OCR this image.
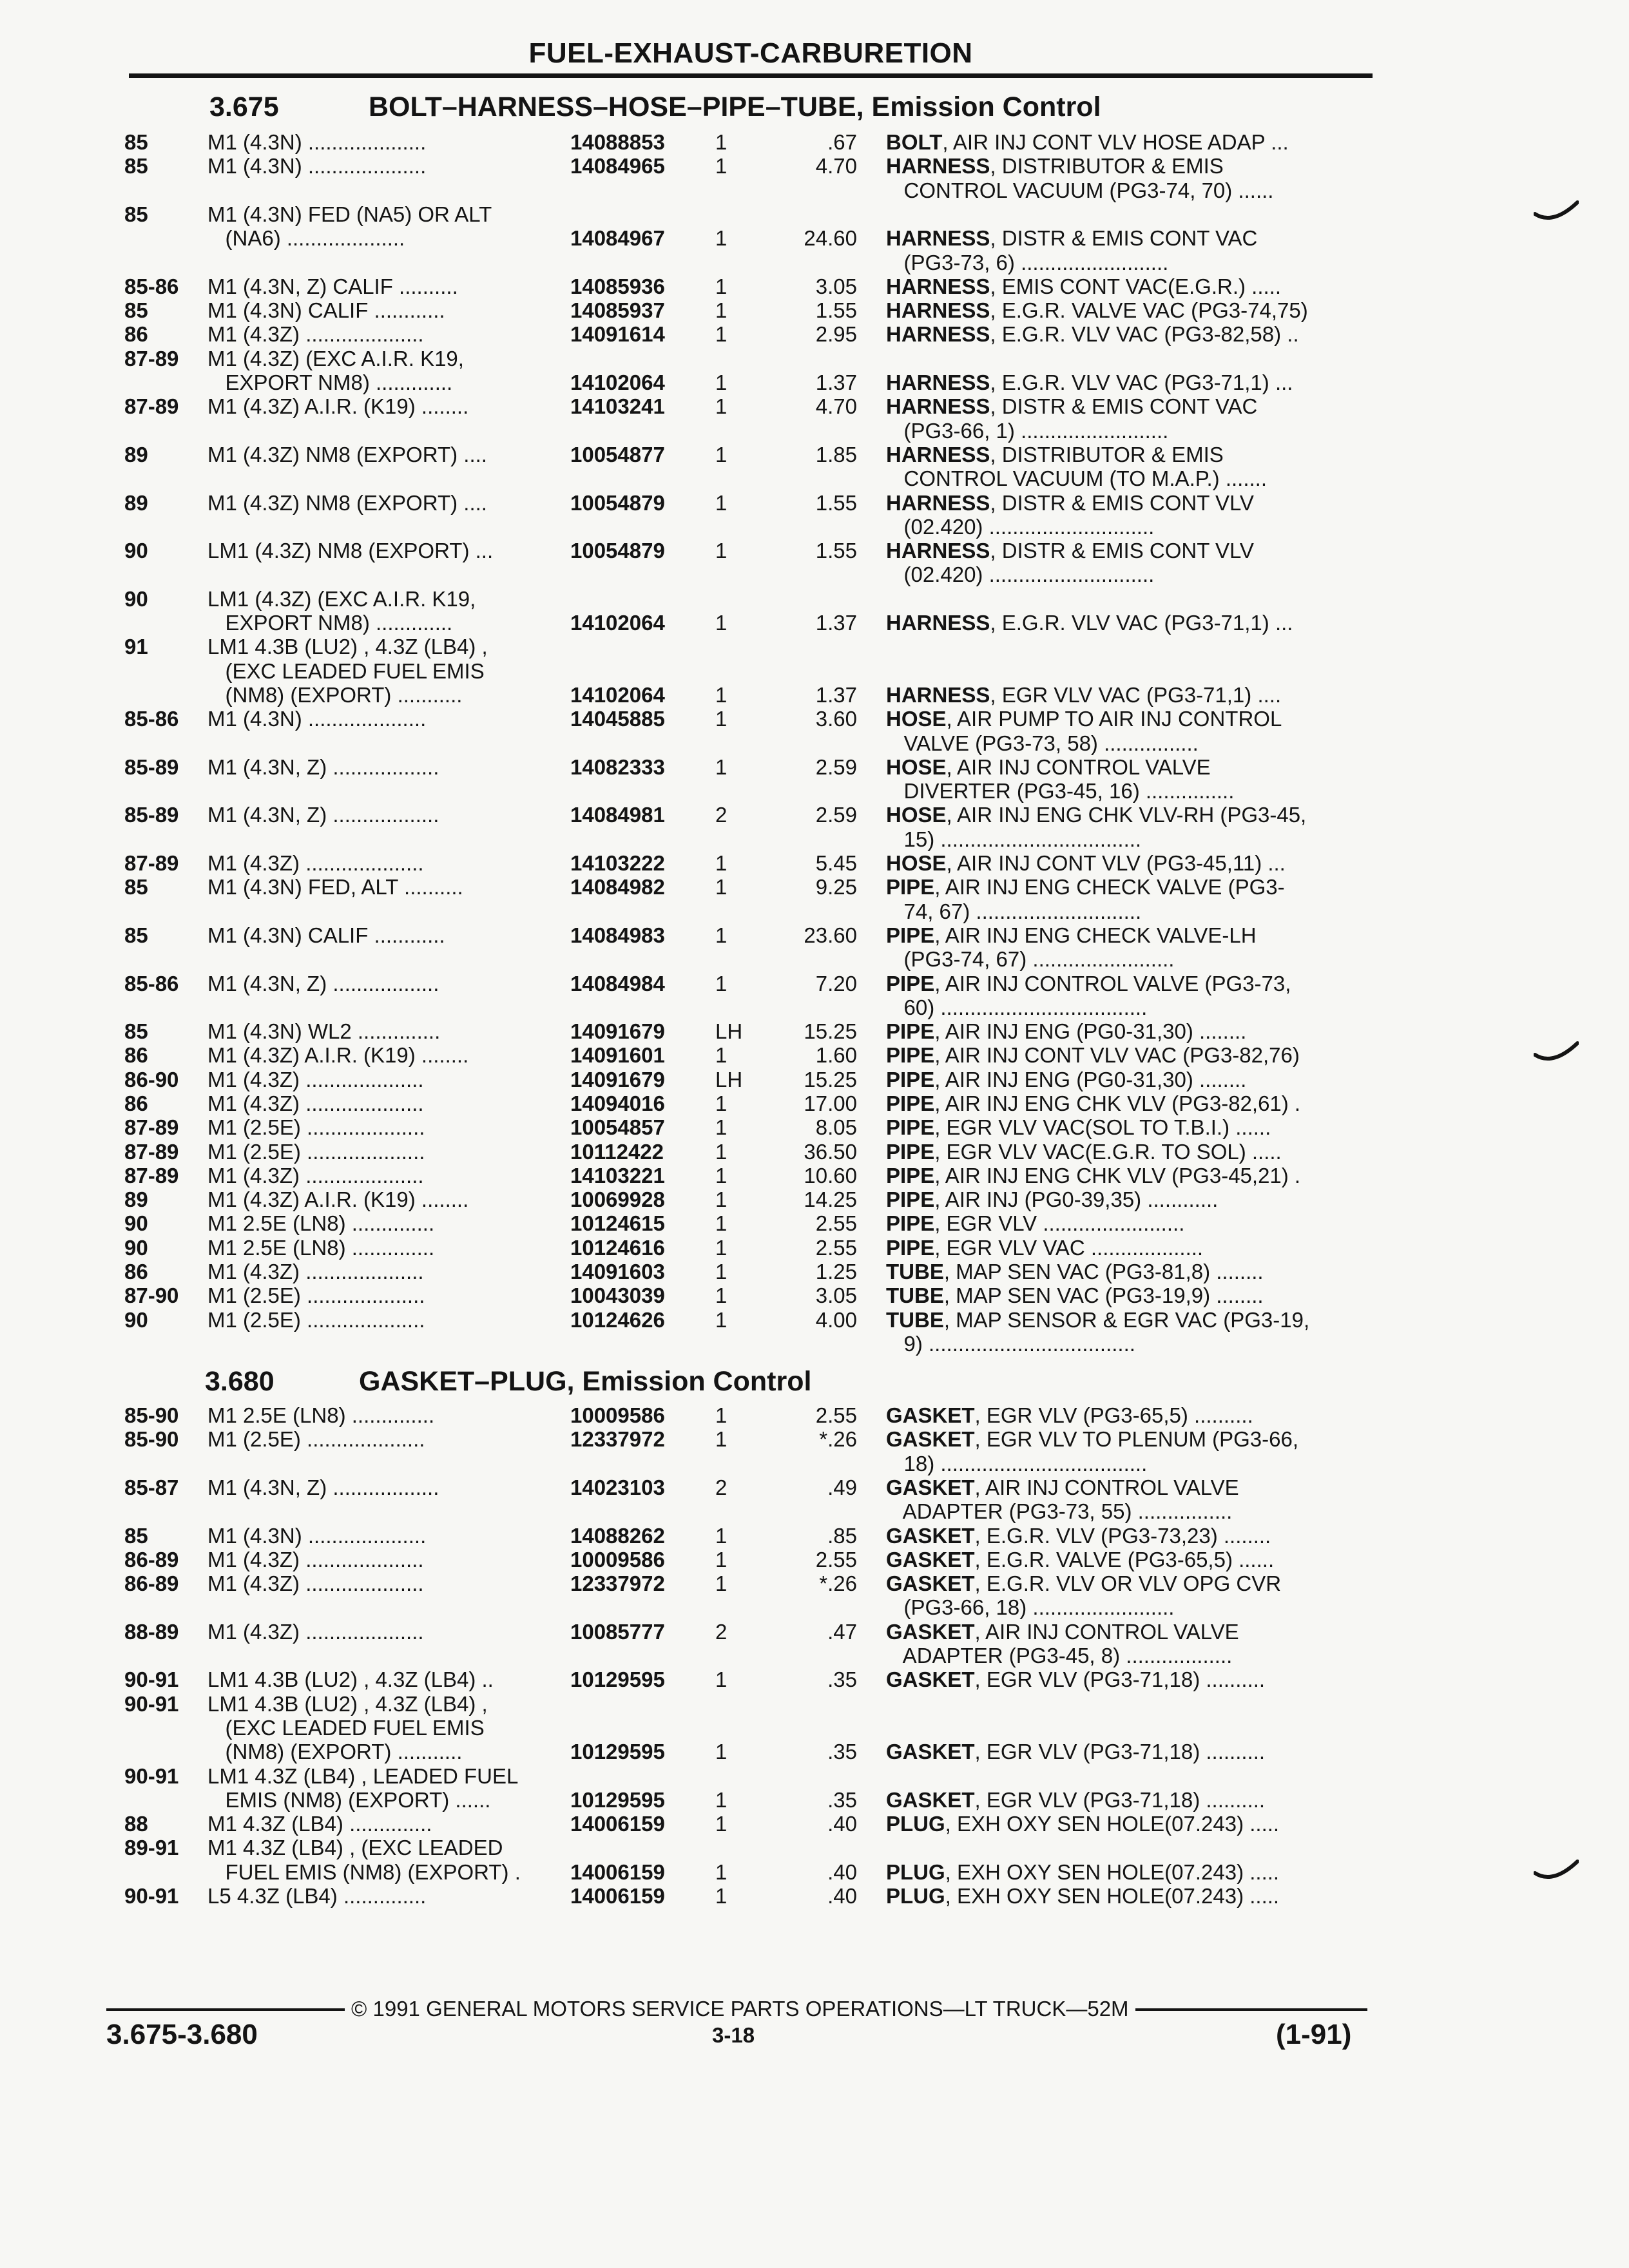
FUEL-EXHAUST-CARBURETION
3.675	BOLT–HARNESS–HOSE–PIPE–TUBE, Emission Control
85	M1 (4.3N) ....................	14088853 1	.67 BOLT, AIR INJ CONT VLV HOSE ADAP ...
85	M1 (4.3N) ....................	14084965 1	4.70 HARNESS, DISTRIBUTOR & EMIS
CONTROL VACUUM (PG3-74, 70) ......
85	M1 (4.3N) FED (NA5) OR ALT
(NA6) ....................	14084967 1	24.60 HARNESS, DISTR & EMIS CONT VAC
(PG3-73, 6) .........................
85-86 M1 (4.3N, Z) CALIF ..........	14085936 1	3.05 HARNESS, EMIS CONT VAC(E.G.R.) .....
85	M1 (4.3N) CALIF ............	14085937 1	1.55 HARNESS, E.G.R. VALVE VAC (PG3-74,75)
86	M1 (4.3Z) ....................	14091614 1	2.95 HARNESS, E.G.R. VLV VAC (PG3-82,58) ..
87-89 M1 (4.3Z) (EXC A.I.R. K19,
EXPORT NM8) .............	14102064 1	1.37 HARNESS, E.G.R. VLV VAC (PG3-71,1) ...
87-89 M1 (4.3Z) A.I.R. (K19) ........	14103241 1	4.70 HARNESS, DISTR & EMIS CONT VAC
(PG3-66, 1) .........................
89	M1 (4.3Z) NM8 (EXPORT) ....	10054877 1	1.85 HARNESS, DISTRIBUTOR & EMIS
CONTROL VACUUM (TO M.A.P.) .......
89	M1 (4.3Z) NM8 (EXPORT) ....	10054879 1	1.55 HARNESS, DISTR & EMIS CONT VLV
(02.420) ............................
90	LM1 (4.3Z) NM8 (EXPORT) ...	10054879 1	1.55 HARNESS, DISTR & EMIS CONT VLV
(02.420) ............................
90	LM1 (4.3Z) (EXC A.I.R. K19,
EXPORT NM8) .............	14102064 1	1.37 HARNESS, E.G.R. VLV VAC (PG3-71,1) ...
91	LM1 4.3B (LU2) , 4.3Z (LB4) ,
(EXC LEADED FUEL EMIS
(NM8) (EXPORT) ...........	14102064 1	1.37 HARNESS, EGR VLV VAC (PG3-71,1) ....
85-86 M1 (4.3N) ....................	14045885 1	3.60 HOSE, AIR PUMP TO AIR INJ CONTROL
VALVE (PG3-73, 58) ................
85-89 M1 (4.3N, Z) ..................	14082333 1	2.59 HOSE, AIR INJ CONTROL VALVE
DIVERTER (PG3-45, 16) ...............
85-89 M1 (4.3N, Z) ..................	14084981 2	2.59 HOSE, AIR INJ ENG CHK VLV-RH (PG3-45,
15) ..................................
87-89 M1 (4.3Z) ....................	14103222 1	5.45 HOSE, AIR INJ CONT VLV (PG3-45,11) ...
85	M1 (4.3N) FED, ALT ..........	14084982 1	9.25 PIPE, AIR INJ ENG CHECK VALVE (PG3-
74, 67) ............................
85	M1 (4.3N) CALIF ............	14084983 1	23.60 PIPE, AIR INJ ENG CHECK VALVE-LH
(PG3-74, 67) ........................
85-86 M1 (4.3N, Z) ..................	14084984 1	7.20 PIPE, AIR INJ CONTROL VALVE (PG3-73,
60) ...................................
85	M1 (4.3N) WL2 ..............	14091679 LH	15.25 PIPE, AIR INJ ENG (PG0-31,30) ........
86	M1 (4.3Z) A.I.R. (K19) ........	14091601 1	1.60 PIPE, AIR INJ CONT VLV VAC (PG3-82,76)
86-90 M1 (4.3Z) ....................	14091679 LH	15.25 PIPE, AIR INJ ENG (PG0-31,30) ........
86	M1 (4.3Z) ....................	14094016 1	17.00 PIPE, AIR INJ ENG CHK VLV (PG3-82,61) .
87-89 M1 (2.5E) ....................	10054857 1	8.05 PIPE, EGR VLV VAC(SOL TO T.B.I.) ......
87-89 M1 (2.5E) ....................	10112422 1	36.50 PIPE, EGR VLV VAC(E.G.R. TO SOL) .....
87-89 M1 (4.3Z) ....................	14103221 1	10.60 PIPE, AIR INJ ENG CHK VLV (PG3-45,21) .
89	M1 (4.3Z) A.I.R. (K19) ........	10069928 1	14.25 PIPE, AIR INJ (PG0-39,35) ............
90	M1 2.5E (LN8) ..............	10124615 1	2.55 PIPE, EGR VLV ........................
90	M1 2.5E (LN8) ..............	10124616 1	2.55 PIPE, EGR VLV VAC ...................
86	M1 (4.3Z) ....................	14091603 1	1.25 TUBE, MAP SEN VAC (PG3-81,8) ........
87-90 M1 (2.5E) ....................	10043039 1	3.05 TUBE, MAP SEN VAC (PG3-19,9) ........
90	M1 (2.5E) ....................	10124626 1	4.00 TUBE, MAP SENSOR & EGR VAC (PG3-19,
9) ...................................
3.680	GASKET–PLUG, Emission Control
85-90 M1 2.5E (LN8) ..............	10009586 1	2.55 GASKET, EGR VLV (PG3-65,5) ..........
85-90 M1 (2.5E) ....................	12337972 1	*.26 GASKET, EGR VLV TO PLENUM (PG3-66,
18) ...................................
85-87 M1 (4.3N, Z) ..................	14023103 2	.49 GASKET, AIR INJ CONTROL VALVE
ADAPTER (PG3-73, 55) ................
85	M1 (4.3N) ....................	14088262 1	.85 GASKET, E.G.R. VLV (PG3-73,23) ........
86-89 M1 (4.3Z) ....................	10009586 1	2.55 GASKET, E.G.R. VALVE (PG3-65,5) ......
86-89 M1 (4.3Z) ....................	12337972 1	*.26 GASKET, E.G.R. VLV OR VLV OPG CVR
(PG3-66, 18) ........................
88-89 M1 (4.3Z) ....................	10085777 2	.47 GASKET, AIR INJ CONTROL VALVE
ADAPTER (PG3-45, 8) ..................
90-91 LM1 4.3B (LU2) , 4.3Z (LB4) ..	10129595 1	.35 GASKET, EGR VLV (PG3-71,18) ..........
90-91 LM1 4.3B (LU2) , 4.3Z (LB4) ,
(EXC LEADED FUEL EMIS
(NM8) (EXPORT) ...........	10129595 1	.35 GASKET, EGR VLV (PG3-71,18) ..........
90-91 LM1 4.3Z (LB4) , LEADED FUEL
EMIS (NM8) (EXPORT) ......	10129595 1	.35 GASKET, EGR VLV (PG3-71,18) ..........
88	M1 4.3Z (LB4) ..............	14006159 1	.40 PLUG, EXH OXY SEN HOLE(07.243) .....
89-91 M1 4.3Z (LB4) , (EXC LEADED
FUEL EMIS (NM8) (EXPORT) . 14006159 1	.40 PLUG, EXH OXY SEN HOLE(07.243) .....
90-91 L5 4.3Z (LB4) ..............	14006159 1	.40 PLUG, EXH OXY SEN HOLE(07.243) .....
© 1991 GENERAL MOTORS SERVICE PARTS OPERATIONS—LT TRUCK—52M
3.675-3.680	3-18	(1-91)
